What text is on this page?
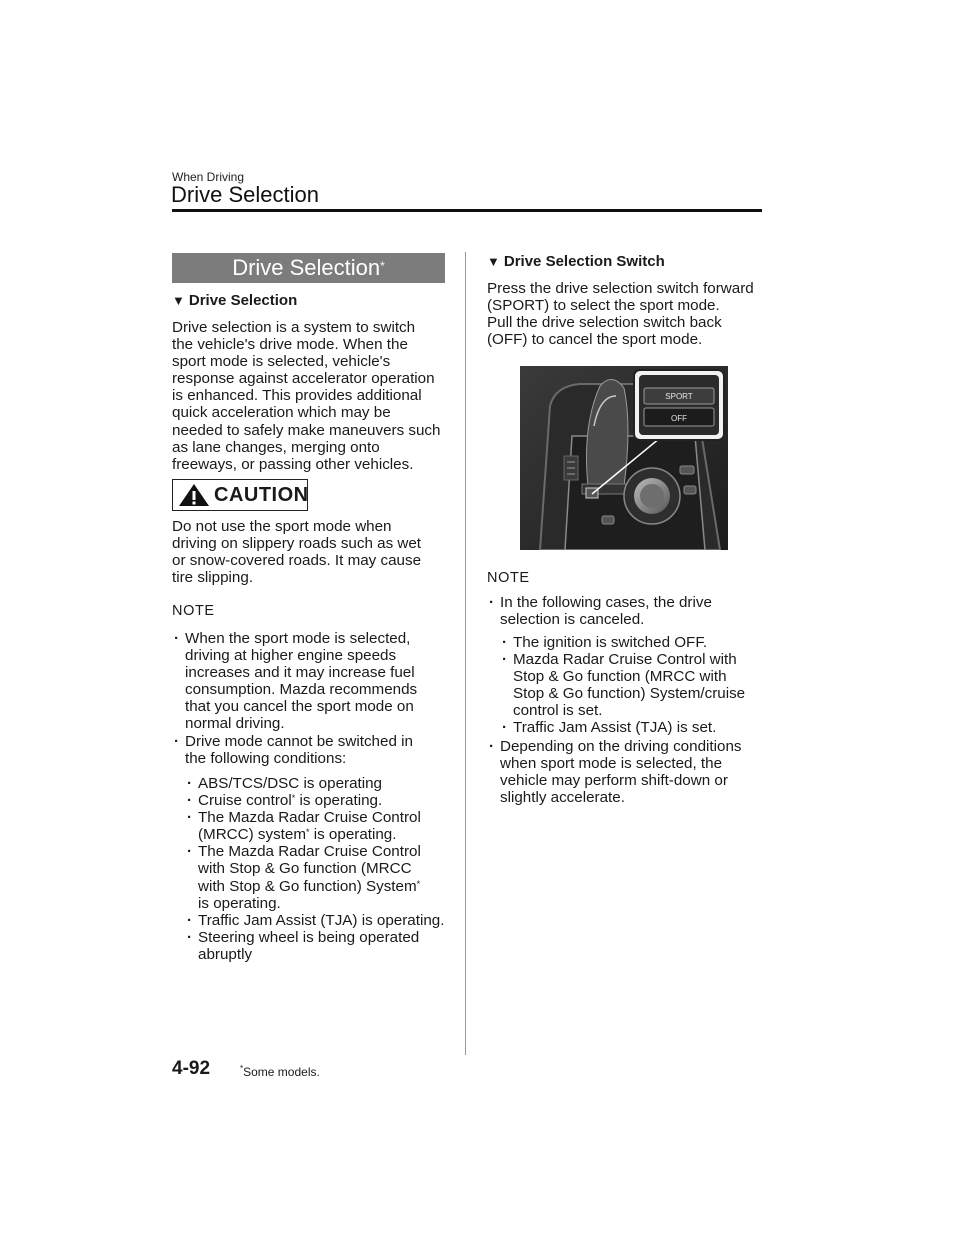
When Driving
Drive Selection
Drive Selection*
▼ Drive Selection

Drive selection is a system to switch

the vehicle's drive mode. When the

sport mode is selected, vehicle's

response against accelerator operation

is enhanced. This provides additional

quick acceleration which may be

needed to safely make maneuvers such

as lane changes, merging onto

freeways, or passing other vehicles.

CAUTION

Do not use the sport mode when

driving on slippery roads such as wet

or snow-covered roads. It may cause

tire slipping.

NOTE

· When the sport mode is selected,

driving at higher engine speeds

increases and it may increase fuel

consumption. Mazda recommends

that you cancel the sport mode on

normal driving.

· Drive mode cannot be switched in

the following conditions:

· ABS/TCS/DSC is operating
· Cruise control* is operating.

· The Mazda Radar Cruise Control

(MRCC) system* is operating.

· The Mazda Radar Cruise Control

with Stop & Go function (MRCC

with Stop & Go function) System*

is operating.

· Traffic Jam Assist (TJA) is operating.

· Steering wheel is being operated

abruptly

▼ Drive Selection Switch

Press the drive selection switch forward

(SPORT) to select the sport mode.

Pull the drive selection switch back

(OFF) to cancel the sport mode.

SPORT
OFF
NOTE

· In the following cases, the drive

selection is canceled.

· The ignition is switched OFF.

· Mazda Radar Cruise Control with

Stop & Go function (MRCC with

Stop & Go function) System/cruise

control is set.

· Traffic Jam Assist (TJA) is set.

· Depending on the driving conditions

when sport mode is selected, the

vehicle may perform shift-down or

slightly accelerate.

4-92	*Some models.
